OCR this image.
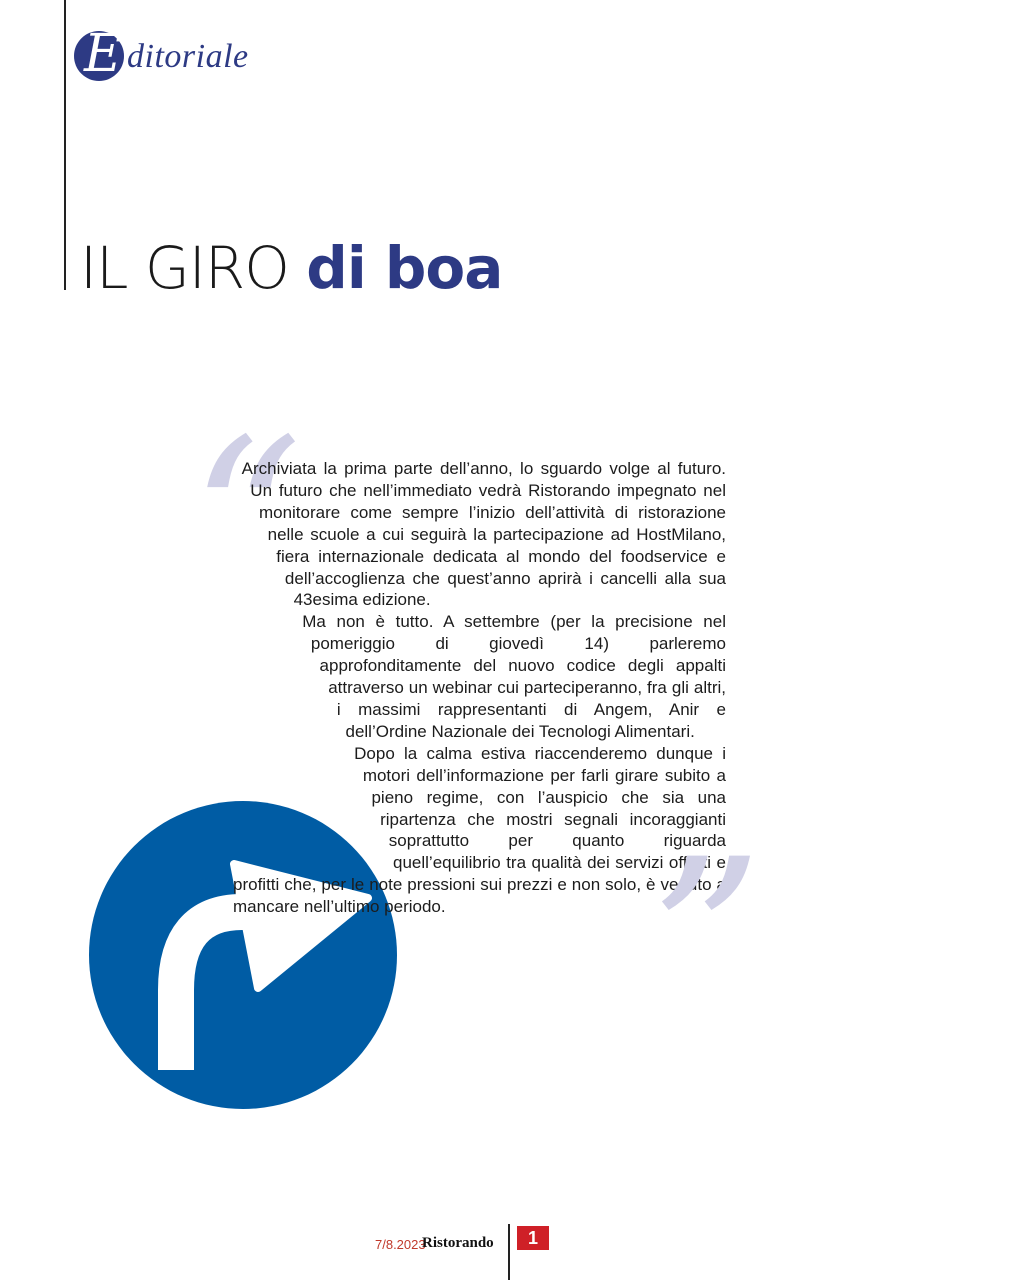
E ditoriale
IL GIRO di boa
“

Archiviata la prima parte dell’anno, lo sguardo volge al futuro. Un futuro che nell’immediato vedrà Ristorando impegnato nel monitorare come sempre l’inizio dell’attività di ristorazione nelle scuole a cui seguirà la partecipazione ad HostMilano, fiera internazionale dedicata al mondo del foodservice e dell’accoglienza che quest’anno aprirà i cancelli alla sua 43esima edizione.

Ma non è tutto. A settembre (per la precisione nel pomeriggio di giovedì 14) parleremo approfonditamente del nuovo codice degli appalti attraverso un webinar cui parteciperanno, fra gli altri, i massimi rappresentanti di Angem, Anir e dell’Ordine Nazionale dei Tecnologi Alimentari.

Dopo la calma estiva riaccenderemo dunque i motori dell’informazione per farli girare subito a pieno regime, con l’auspicio che sia una ripartenza che mostri segnali incoraggianti soprattutto per quanto riguarda quell’equilibrio tra qualità dei servizi offerti e profitti che, per le note pressioni sui prezzi e non solo, è venuto a mancare nell’ultimo periodo. ”
7/8.2023
Ristorando	1
